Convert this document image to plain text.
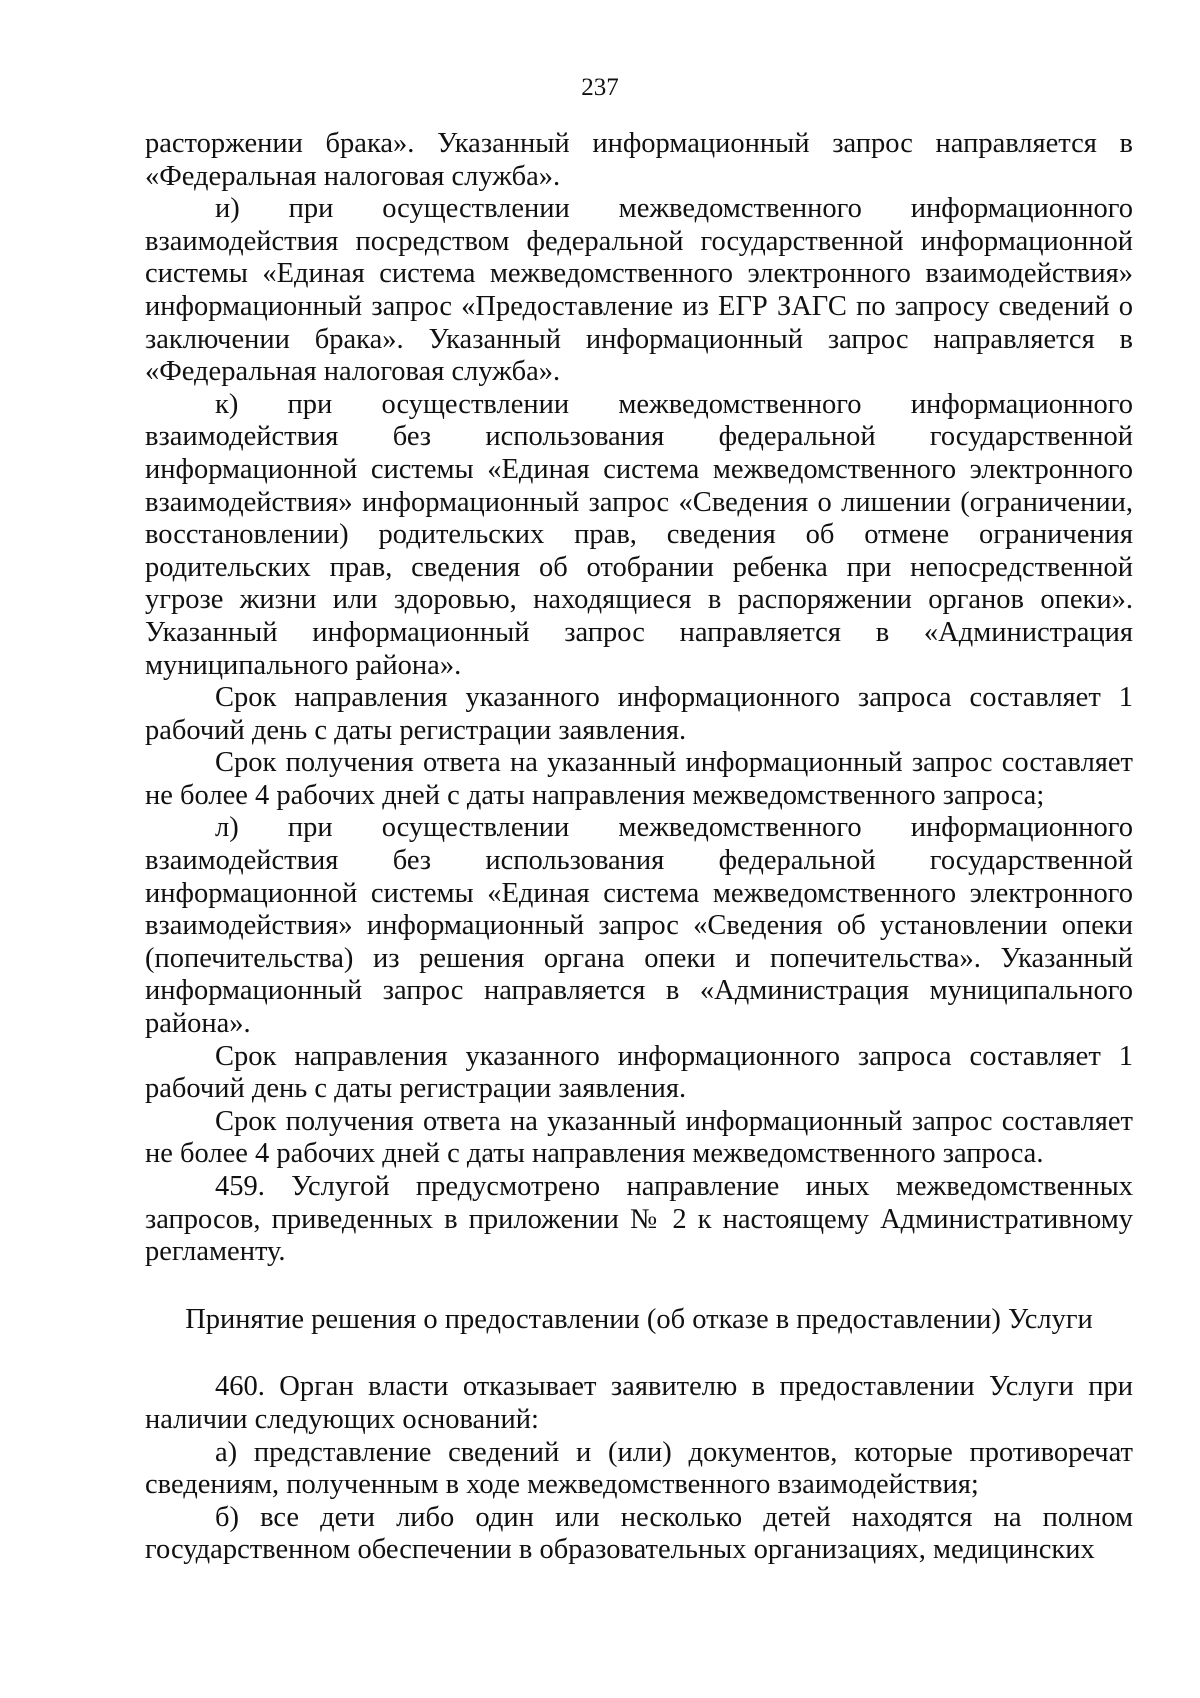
237

расторжении брака». Указанный информационный запрос направляется в «Федеральная налоговая служба».

и) при осуществлении межведомственного информационного взаимодействия посредством федеральной государственной информационной системы «Единая система межведомственного электронного взаимодействия» информационный запрос «Предоставление из ЕГР ЗАГС по запросу сведений о заключении брака». Указанный информационный запрос направляется в «Федеральная налоговая служба».

к) при осуществлении межведомственного информационного взаимодействия без использования федеральной государственной информационной системы «Единая система межведомственного электронного взаимодействия» информационный запрос «Сведения о лишении (ограничении, восстановлении) родительских прав, сведения об отмене ограничения родительских прав, сведения об отобрании ребенка при непосредственной угрозе жизни или здоровью, находящиеся в распоряжении органов опеки». Указанный информационный запрос направляется в «Администрация муниципального района».

Срок направления указанного информационного запроса составляет 1 рабочий день с даты регистрации заявления.

Срок получения ответа на указанный информационный запрос составляет не более 4 рабочих дней с даты направления межведомственного запроса;

л) при осуществлении межведомственного информационного взаимодействия без использования федеральной государственной информационной системы «Единая система межведомственного электронного взаимодействия» информационный запрос «Сведения об установлении опеки (попечительства) из решения органа опеки и попечительства». Указанный информационный запрос направляется в «Администрация муниципального района».

Срок направления указанного информационного запроса составляет 1 рабочий день с даты регистрации заявления.

Срок получения ответа на указанный информационный запрос составляет не более 4 рабочих дней с даты направления межведомственного запроса.

459. Услугой предусмотрено направление иных межведомственных запросов, приведенных в приложении № 2 к настоящему Административному регламенту.

Принятие решения о предоставлении (об отказе в предоставлении) Услуги

460. Орган власти отказывает заявителю в предоставлении Услуги при наличии следующих оснований:

а) представление сведений и (или) документов, которые противоречат сведениям, полученным в ходе межведомственного взаимодействия;

б) все дети либо один или несколько детей находятся на полном государственном обеспечении в образовательных организациях, медицинских
